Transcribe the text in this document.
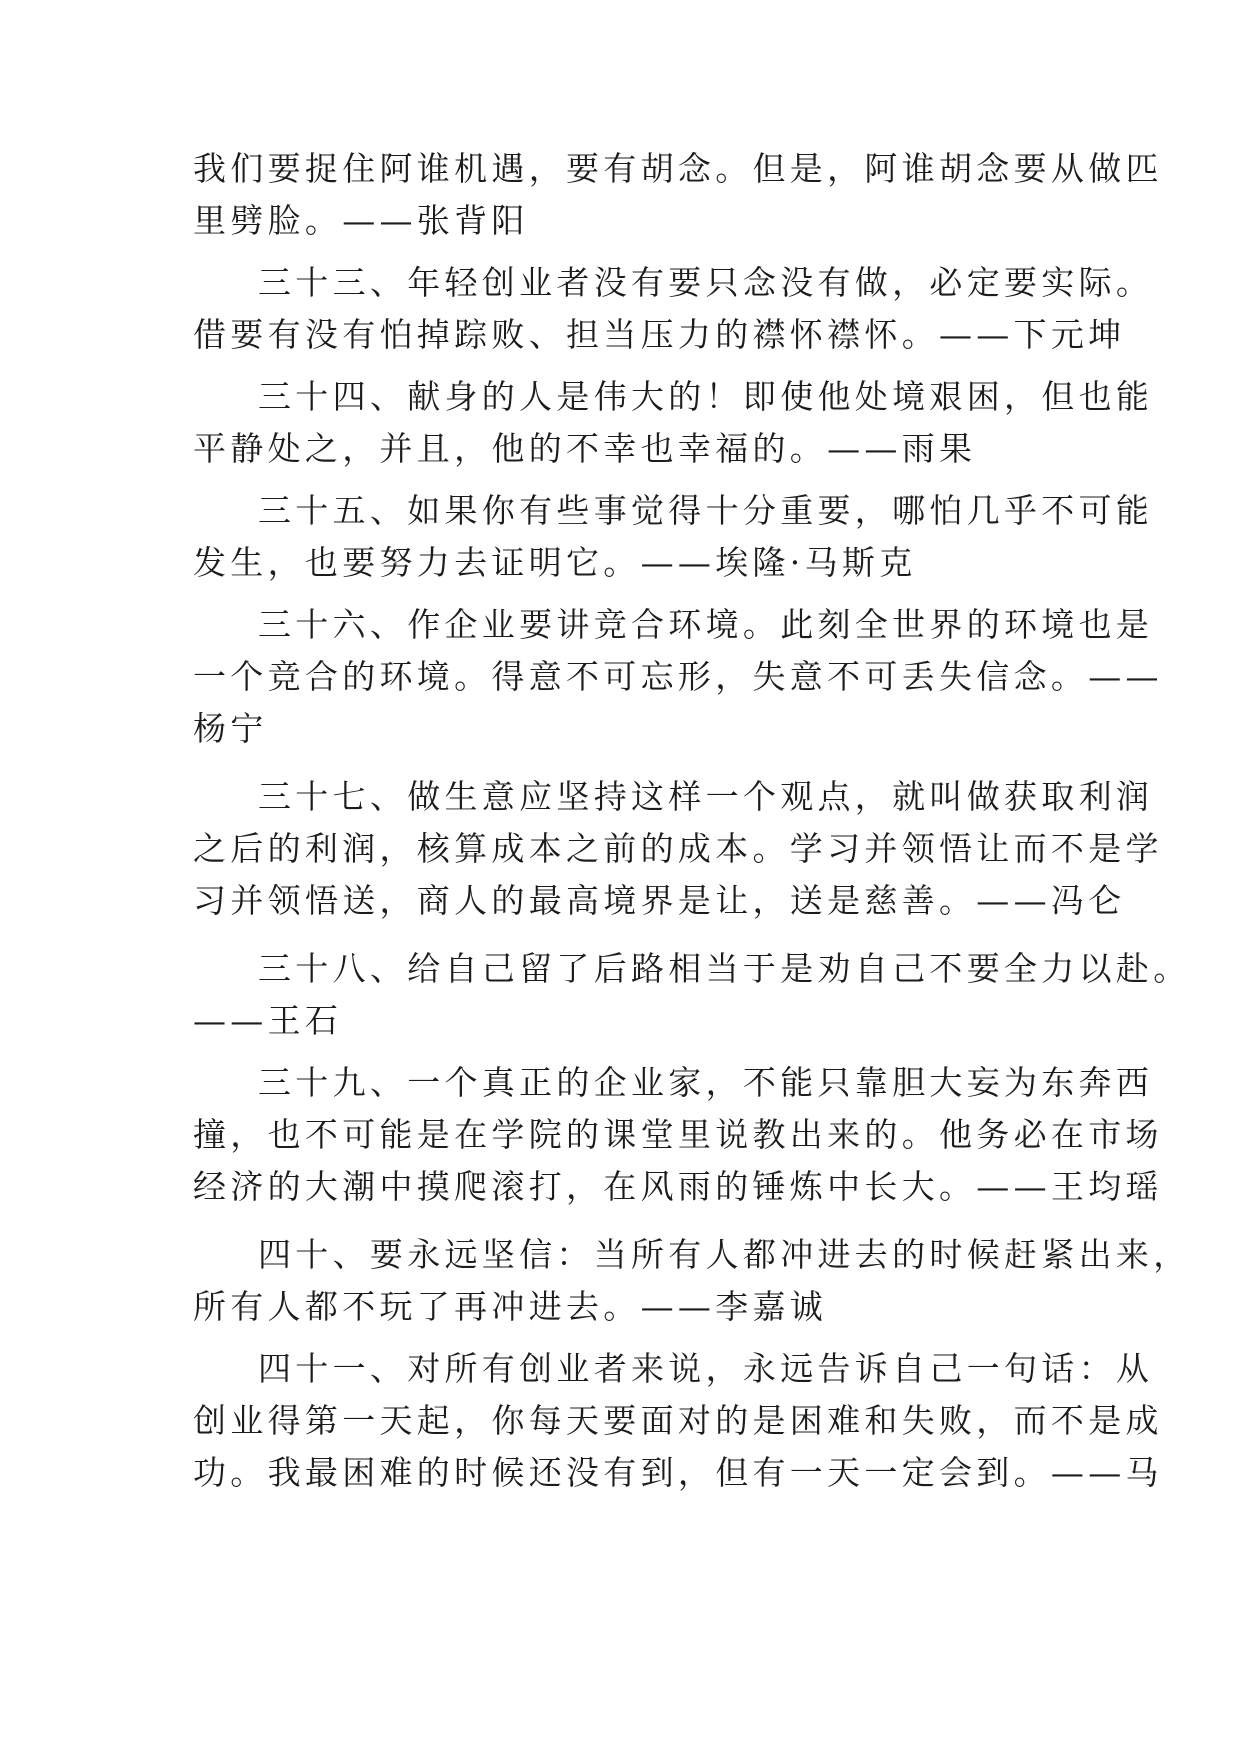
我们要捉住阿谁机遇，要有胡念。但是，阿谁胡念要从做匹
里劈脸。——张背阳
三十三、年轻创业者没有要只念没有做，必定要实际。
借要有没有怕掉踪败、担当压力的襟怀襟怀。——下元坤
三十四、献身的人是伟大的！即使他处境艰困，但也能
平静处之，并且，他的不幸也幸福的。——雨果
三十五、如果你有些事觉得十分重要，哪怕几乎不可能
发生，也要努力去证明它。——埃隆·马斯克
三十六、作企业要讲竞合环境。此刻全世界的环境也是
一个竞合的环境。得意不可忘形，失意不可丢失信念。——
杨宁
三十七、做生意应坚持这样一个观点，就叫做获取利润
之后的利润，核算成本之前的成本。学习并领悟让而不是学
习并领悟送，商人的最高境界是让，送是慈善。——冯仑
三十八、给自己留了后路相当于是劝自己不要全力以赴。
——王石
三十九、一个真正的企业家，不能只靠胆大妄为东奔西
撞，也不可能是在学院的课堂里说教出来的。他务必在市场
经济的大潮中摸爬滚打，在风雨的锤炼中长大。——王均瑶
四十、要永远坚信：当所有人都冲进去的时候赶紧出来，
所有人都不玩了再冲进去。——李嘉诚
四十一、对所有创业者来说，永远告诉自己一句话：从
创业得第一天起，你每天要面对的是困难和失败，而不是成
功。我最困难的时候还没有到，但有一天一定会到。——马
